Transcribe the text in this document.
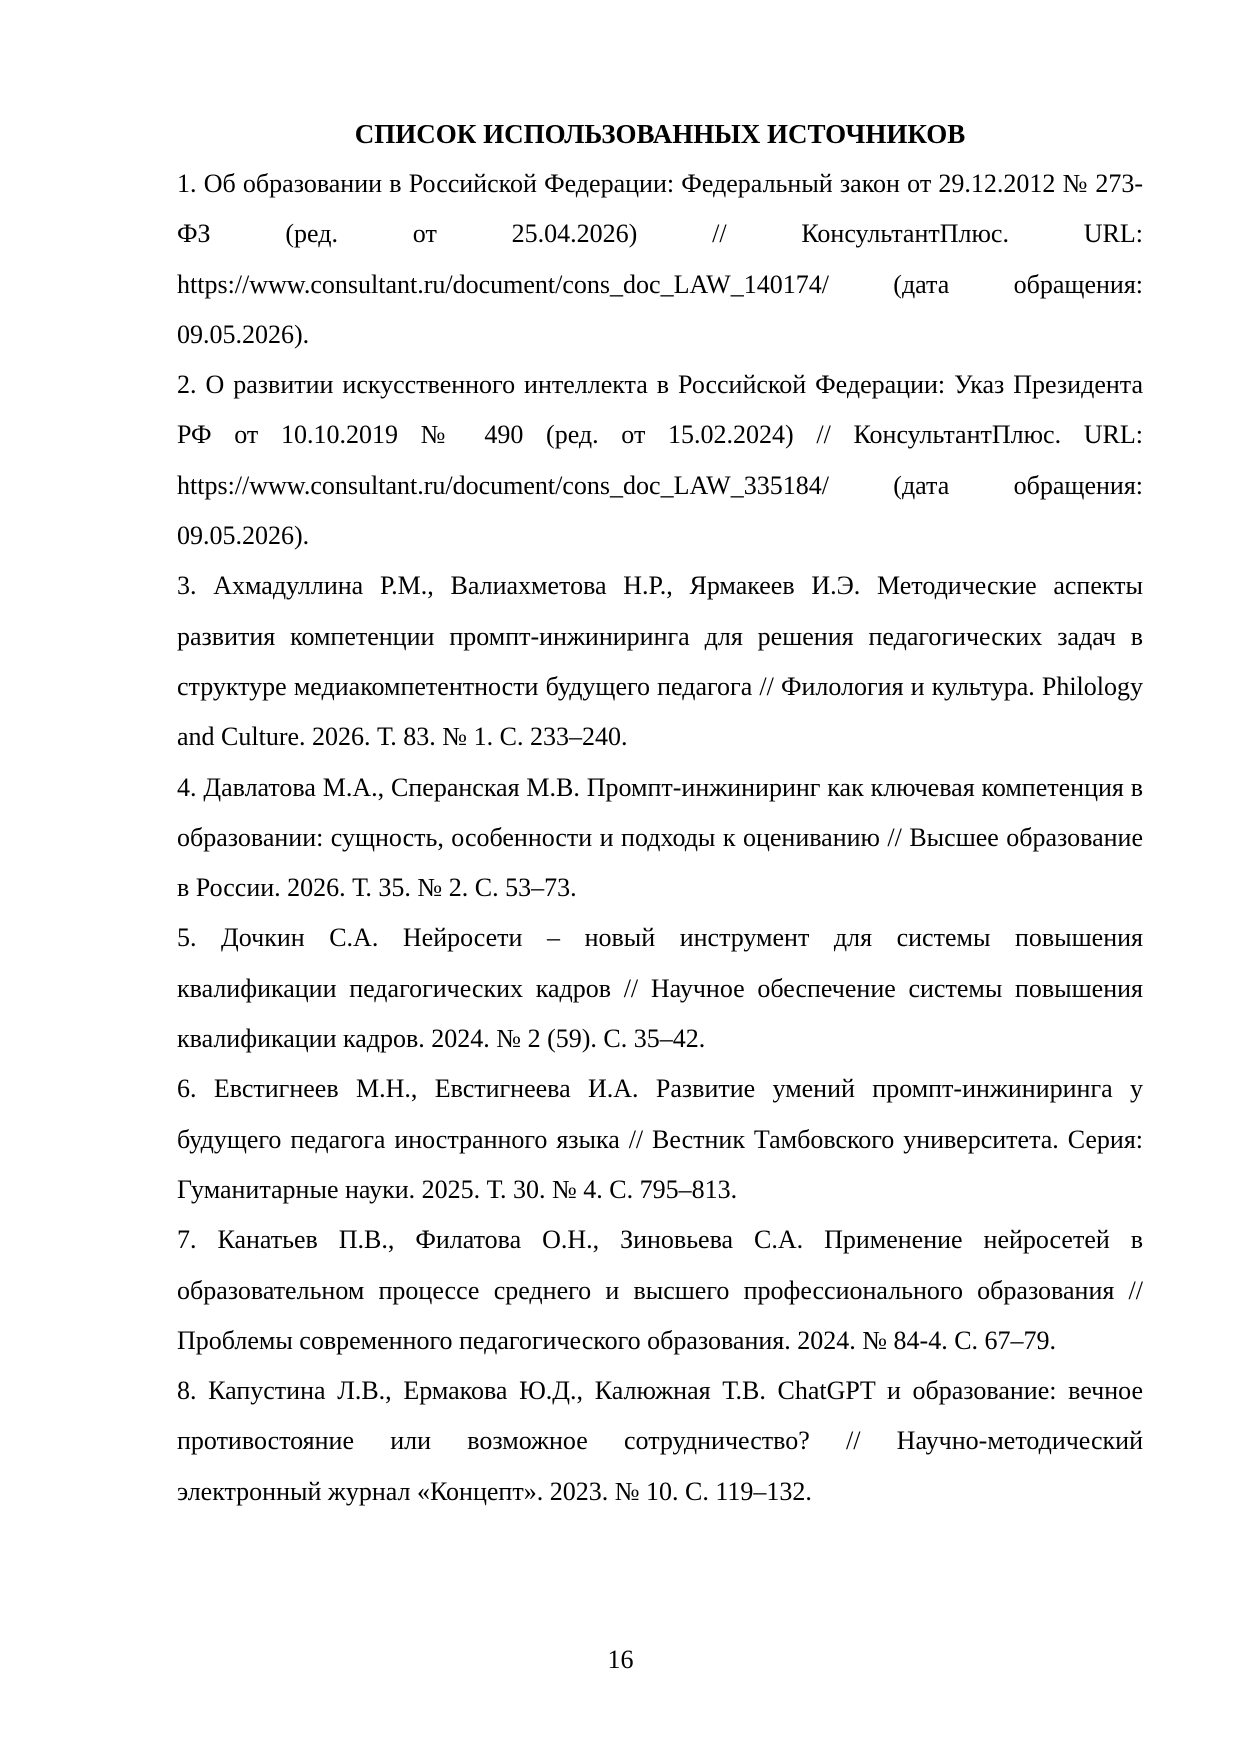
СПИСОК ИСПОЛЬЗОВАННЫХ ИСТОЧНИКОВ
1. Об образовании в Российской Федерации: Федеральный закон от 29.12.2012 № 273-ФЗ (ред. от 25.04.2026) // КонсультантПлюс. URL: https://www.consultant.ru/document/cons_doc_LAW_140174/ (дата обращения: 09.05.2026).
2. О развитии искусственного интеллекта в Российской Федерации: Указ Президента РФ от 10.10.2019 № 490 (ред. от 15.02.2024) // КонсультантПлюс. URL: https://www.consultant.ru/document/cons_doc_LAW_335184/ (дата обращения: 09.05.2026).
3. Ахмадуллина Р.М., Валиахметова Н.Р., Ярмакеев И.Э. Методические аспекты развития компетенции промпт-инжиниринга для решения педагогических задач в структуре медиакомпетентности будущего педагога // Филология и культура. Philology and Culture. 2026. Т. 83. № 1. С. 233–240.
4. Давлатова М.А., Сперанская М.В. Промпт-инжиниринг как ключевая компетенция в образовании: сущность, особенности и подходы к оцениванию // Высшее образование в России. 2026. Т. 35. № 2. С. 53–73.
5. Дочкин С.А. Нейросети – новый инструмент для системы повышения квалификации педагогических кадров // Научное обеспечение системы повышения квалификации кадров. 2024. № 2 (59). С. 35–42.
6. Евстигнеев М.Н., Евстигнеева И.А. Развитие умений промпт-инжиниринга у будущего педагога иностранного языка // Вестник Тамбовского университета. Серия: Гуманитарные науки. 2025. Т. 30. № 4. С. 795–813.
7. Канатьев П.В., Филатова О.Н., Зиновьева С.А. Применение нейросетей в образовательном процессе среднего и высшего профессионального образования // Проблемы современного педагогического образования. 2024. № 84-4. С. 67–79.
8. Капустина Л.В., Ермакова Ю.Д., Калюжная Т.В. ChatGPT и образование: вечное противостояние или возможное сотрудничество? // Научно-методический электронный журнал «Концепт». 2023. № 10. С. 119–132.
16
